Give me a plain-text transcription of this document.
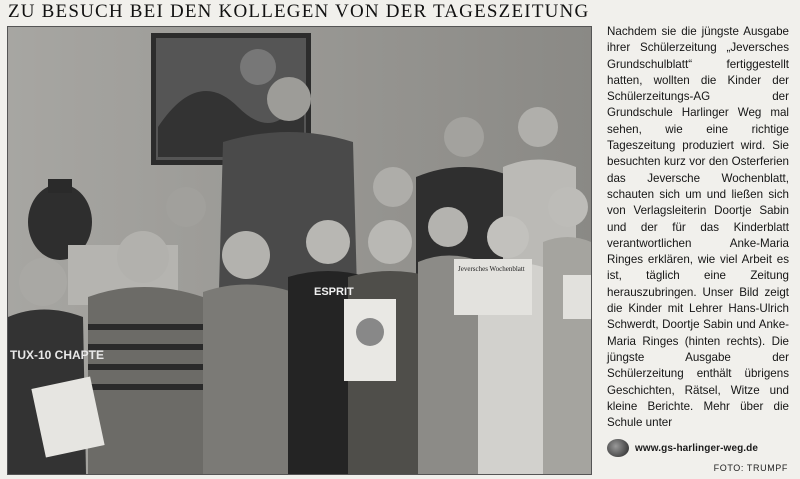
ZU BESUCH BEI DEN KOLLEGEN VON DER TAGESZEITUNG
TUX-10 CHAPTE
ESPRIT
Jeversches Wochenblatt
Nachdem sie die jüngste Ausgabe ihrer Schülerzeitung „Jeversches Grundschulblatt“ fertiggestellt hatten, wollten die Kinder der Schülerzeitungs-AG der Grundschule Harlinger Weg mal sehen, wie eine richtige Tageszeitung produziert wird. Sie besuchten kurz vor den Osterferien das Jeversche Wochenblatt, schauten sich um und ließen sich von Verlagsleiterin Doortje Sabin und der für das Kinderblatt verantwortlichen Anke-Maria Ringes erklären, wie viel Arbeit es ist, täglich eine Zeitung herauszubringen. Unser Bild zeigt die Kinder mit Lehrer Hans-Ulrich Schwerdt, Doortje Sabin und Anke-Maria Ringes (hinten rechts). Die jüngste Ausgabe der Schülerzeitung enthält übrigens Geschichten, Rätsel, Witze und kleine Berichte. Mehr über die Schule unter
www.gs-harlinger-weg.de
FOTO: TRUMPF
